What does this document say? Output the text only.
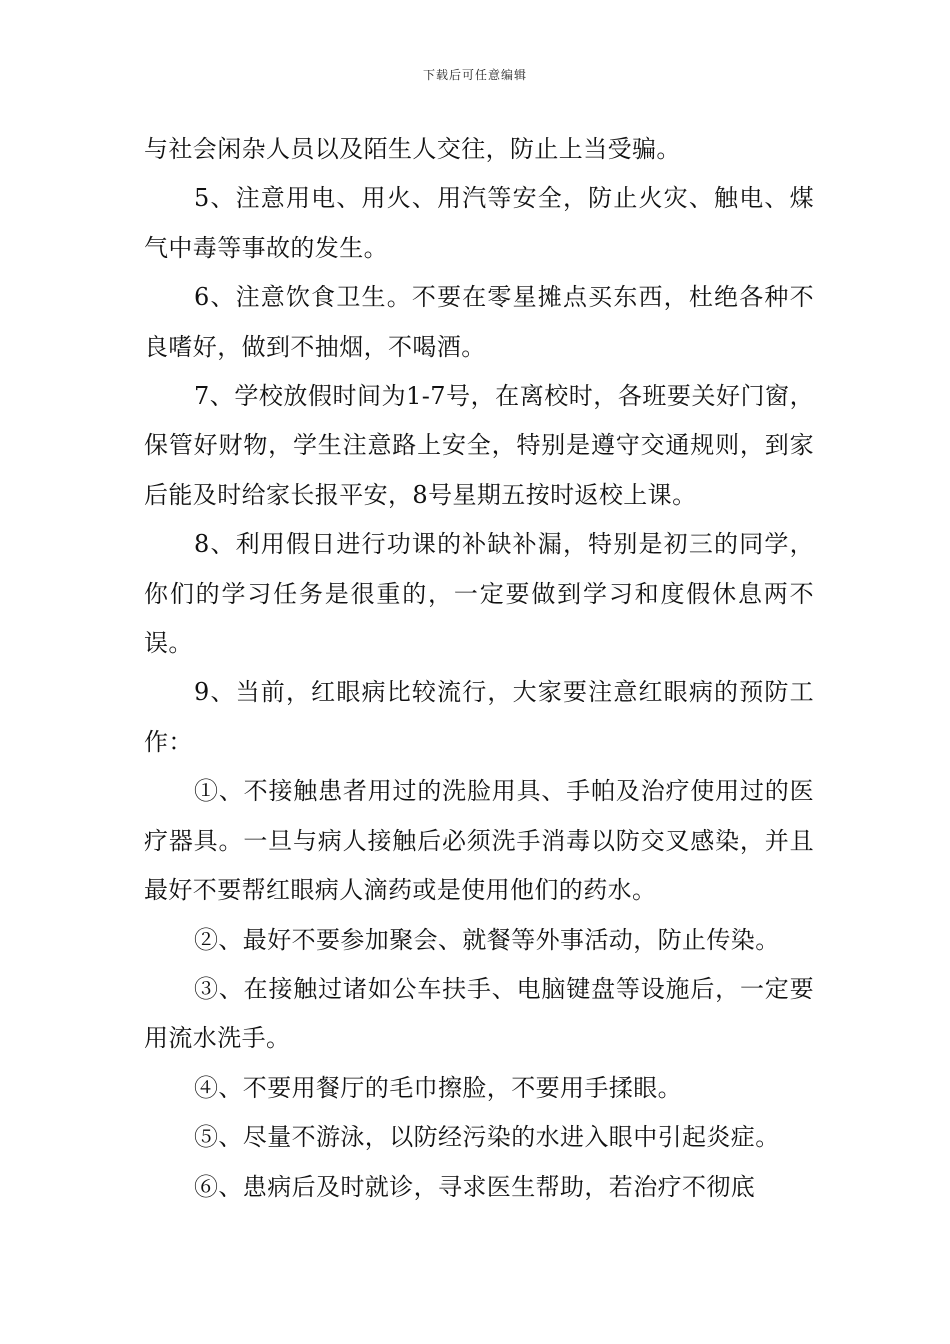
下载后可任意编辑

与社会闲杂人员以及陌生人交往，防止上当受骗。

5、注意用电、用火、用汽等安全，防止火灾、触电、煤气中毒等事故的发生。

6、注意饮食卫生。不要在零星摊点买东西，杜绝各种不良嗜好，做到不抽烟，不喝酒。

7、学校放假时间为1-7号，在离校时，各班要关好门窗，保管好财物，学生注意路上安全，特别是遵守交通规则，到家后能及时给家长报平安，8号星期五按时返校上课。

8、利用假日进行功课的补缺补漏，特别是初三的同学，你们的学习任务是很重的，一定要做到学习和度假休息两不误。

9、当前，红眼病比较流行，大家要注意红眼病的预防工作：

①、不接触患者用过的洗脸用具、手帕及治疗使用过的医疗器具。一旦与病人接触后必须洗手消毒以防交叉感染，并且最好不要帮红眼病人滴药或是使用他们的药水。

②、最好不要参加聚会、就餐等外事活动，防止传染。

③、在接触过诸如公车扶手、电脑键盘等设施后，一定要用流水洗手。

④、不要用餐厅的毛巾擦脸，不要用手揉眼。

⑤、尽量不游泳，以防经污染的水进入眼中引起炎症。

⑥、患病后及时就诊，寻求医生帮助，若治疗不彻底
